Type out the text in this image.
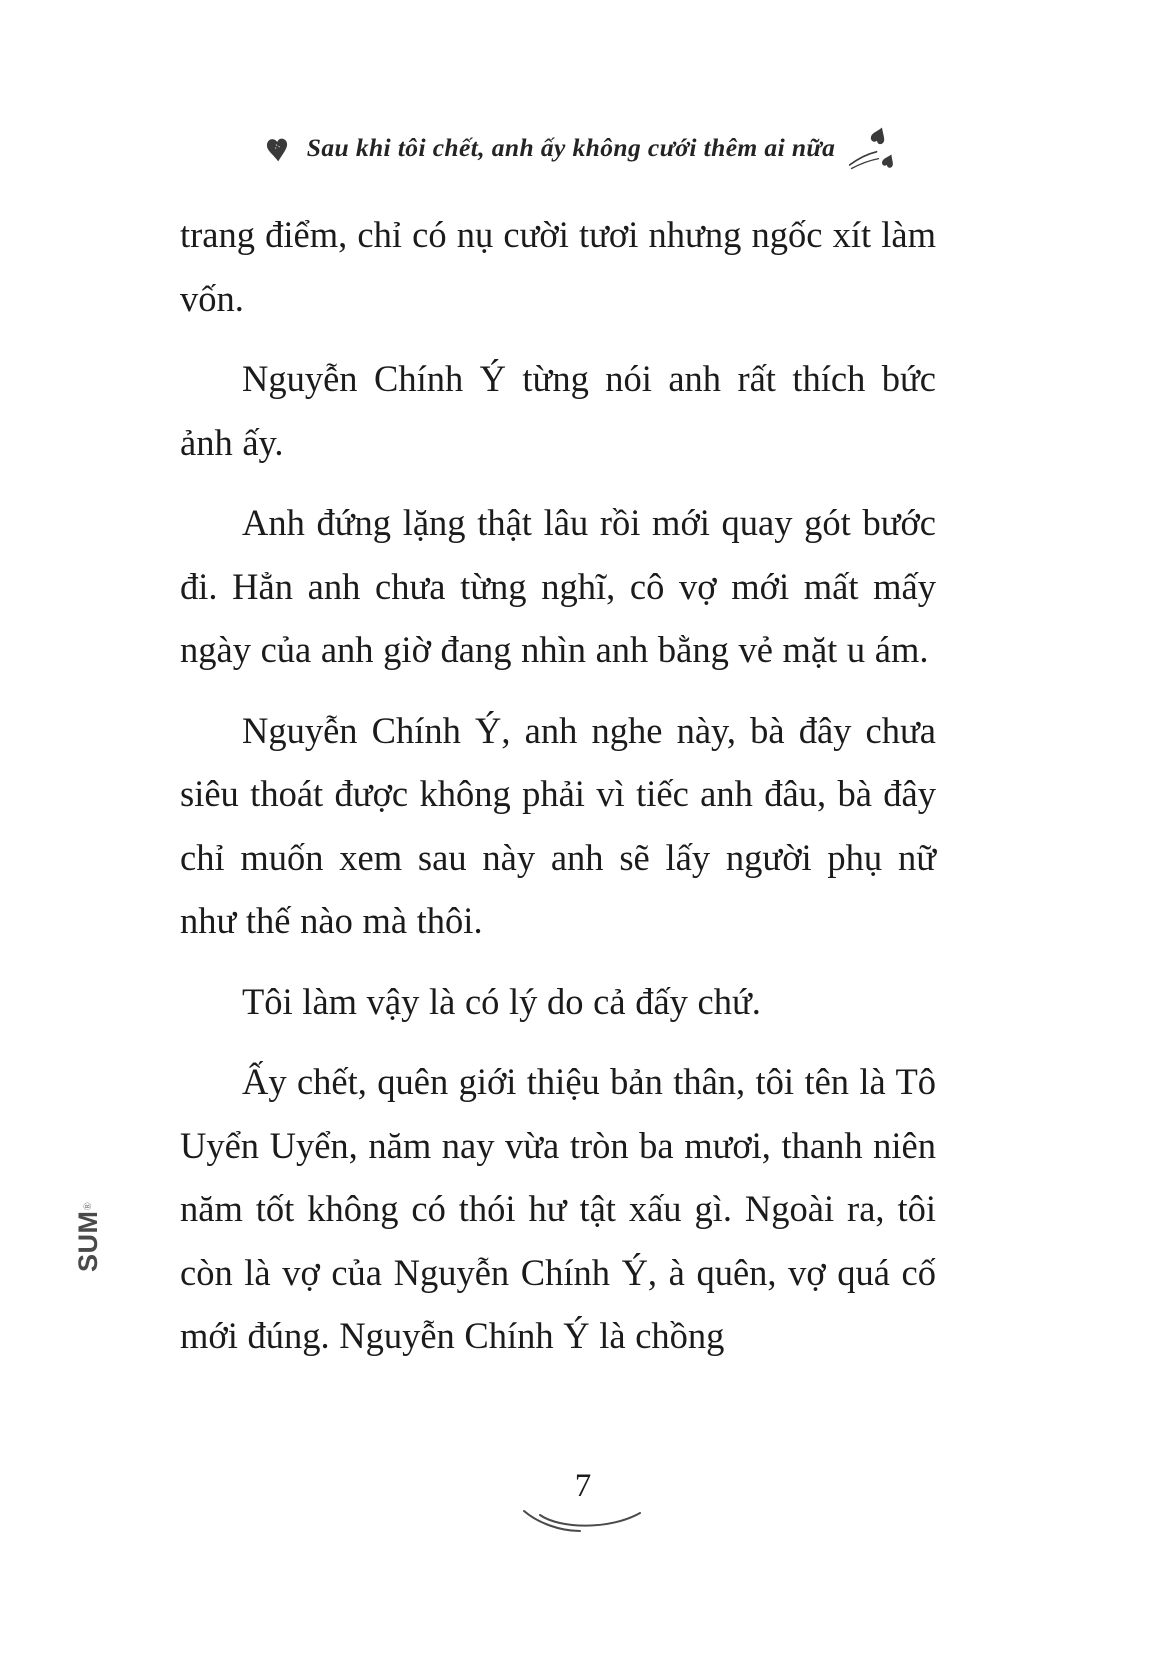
Sau khi tôi chết, anh ấy không cưới thêm ai nữa

trang điểm, chỉ có nụ cười tươi nhưng ngốc xít làm vốn.

Nguyễn Chính Ý từng nói anh rất thích bức ảnh ấy.

Anh đứng lặng thật lâu rồi mới quay gót bước đi. Hẳn anh chưa từng nghĩ, cô vợ mới mất mấy ngày của anh giờ đang nhìn anh bằng vẻ mặt u ám.

Nguyễn Chính Ý, anh nghe này, bà đây chưa siêu thoát được không phải vì tiếc anh đâu, bà đây chỉ muốn xem sau này anh sẽ lấy người phụ nữ như thế nào mà thôi.

Tôi làm vậy là có lý do cả đấy chứ.

Ấy chết, quên giới thiệu bản thân, tôi tên là Tô Uyển Uyển, năm nay vừa tròn ba mươi, thanh niên năm tốt không có thói hư tật xấu gì. Ngoài ra, tôi còn là vợ của Nguyễn Chính Ý, à quên, vợ quá cố mới đúng. Nguyễn Chính Ý là chồng

SUM
®
7
